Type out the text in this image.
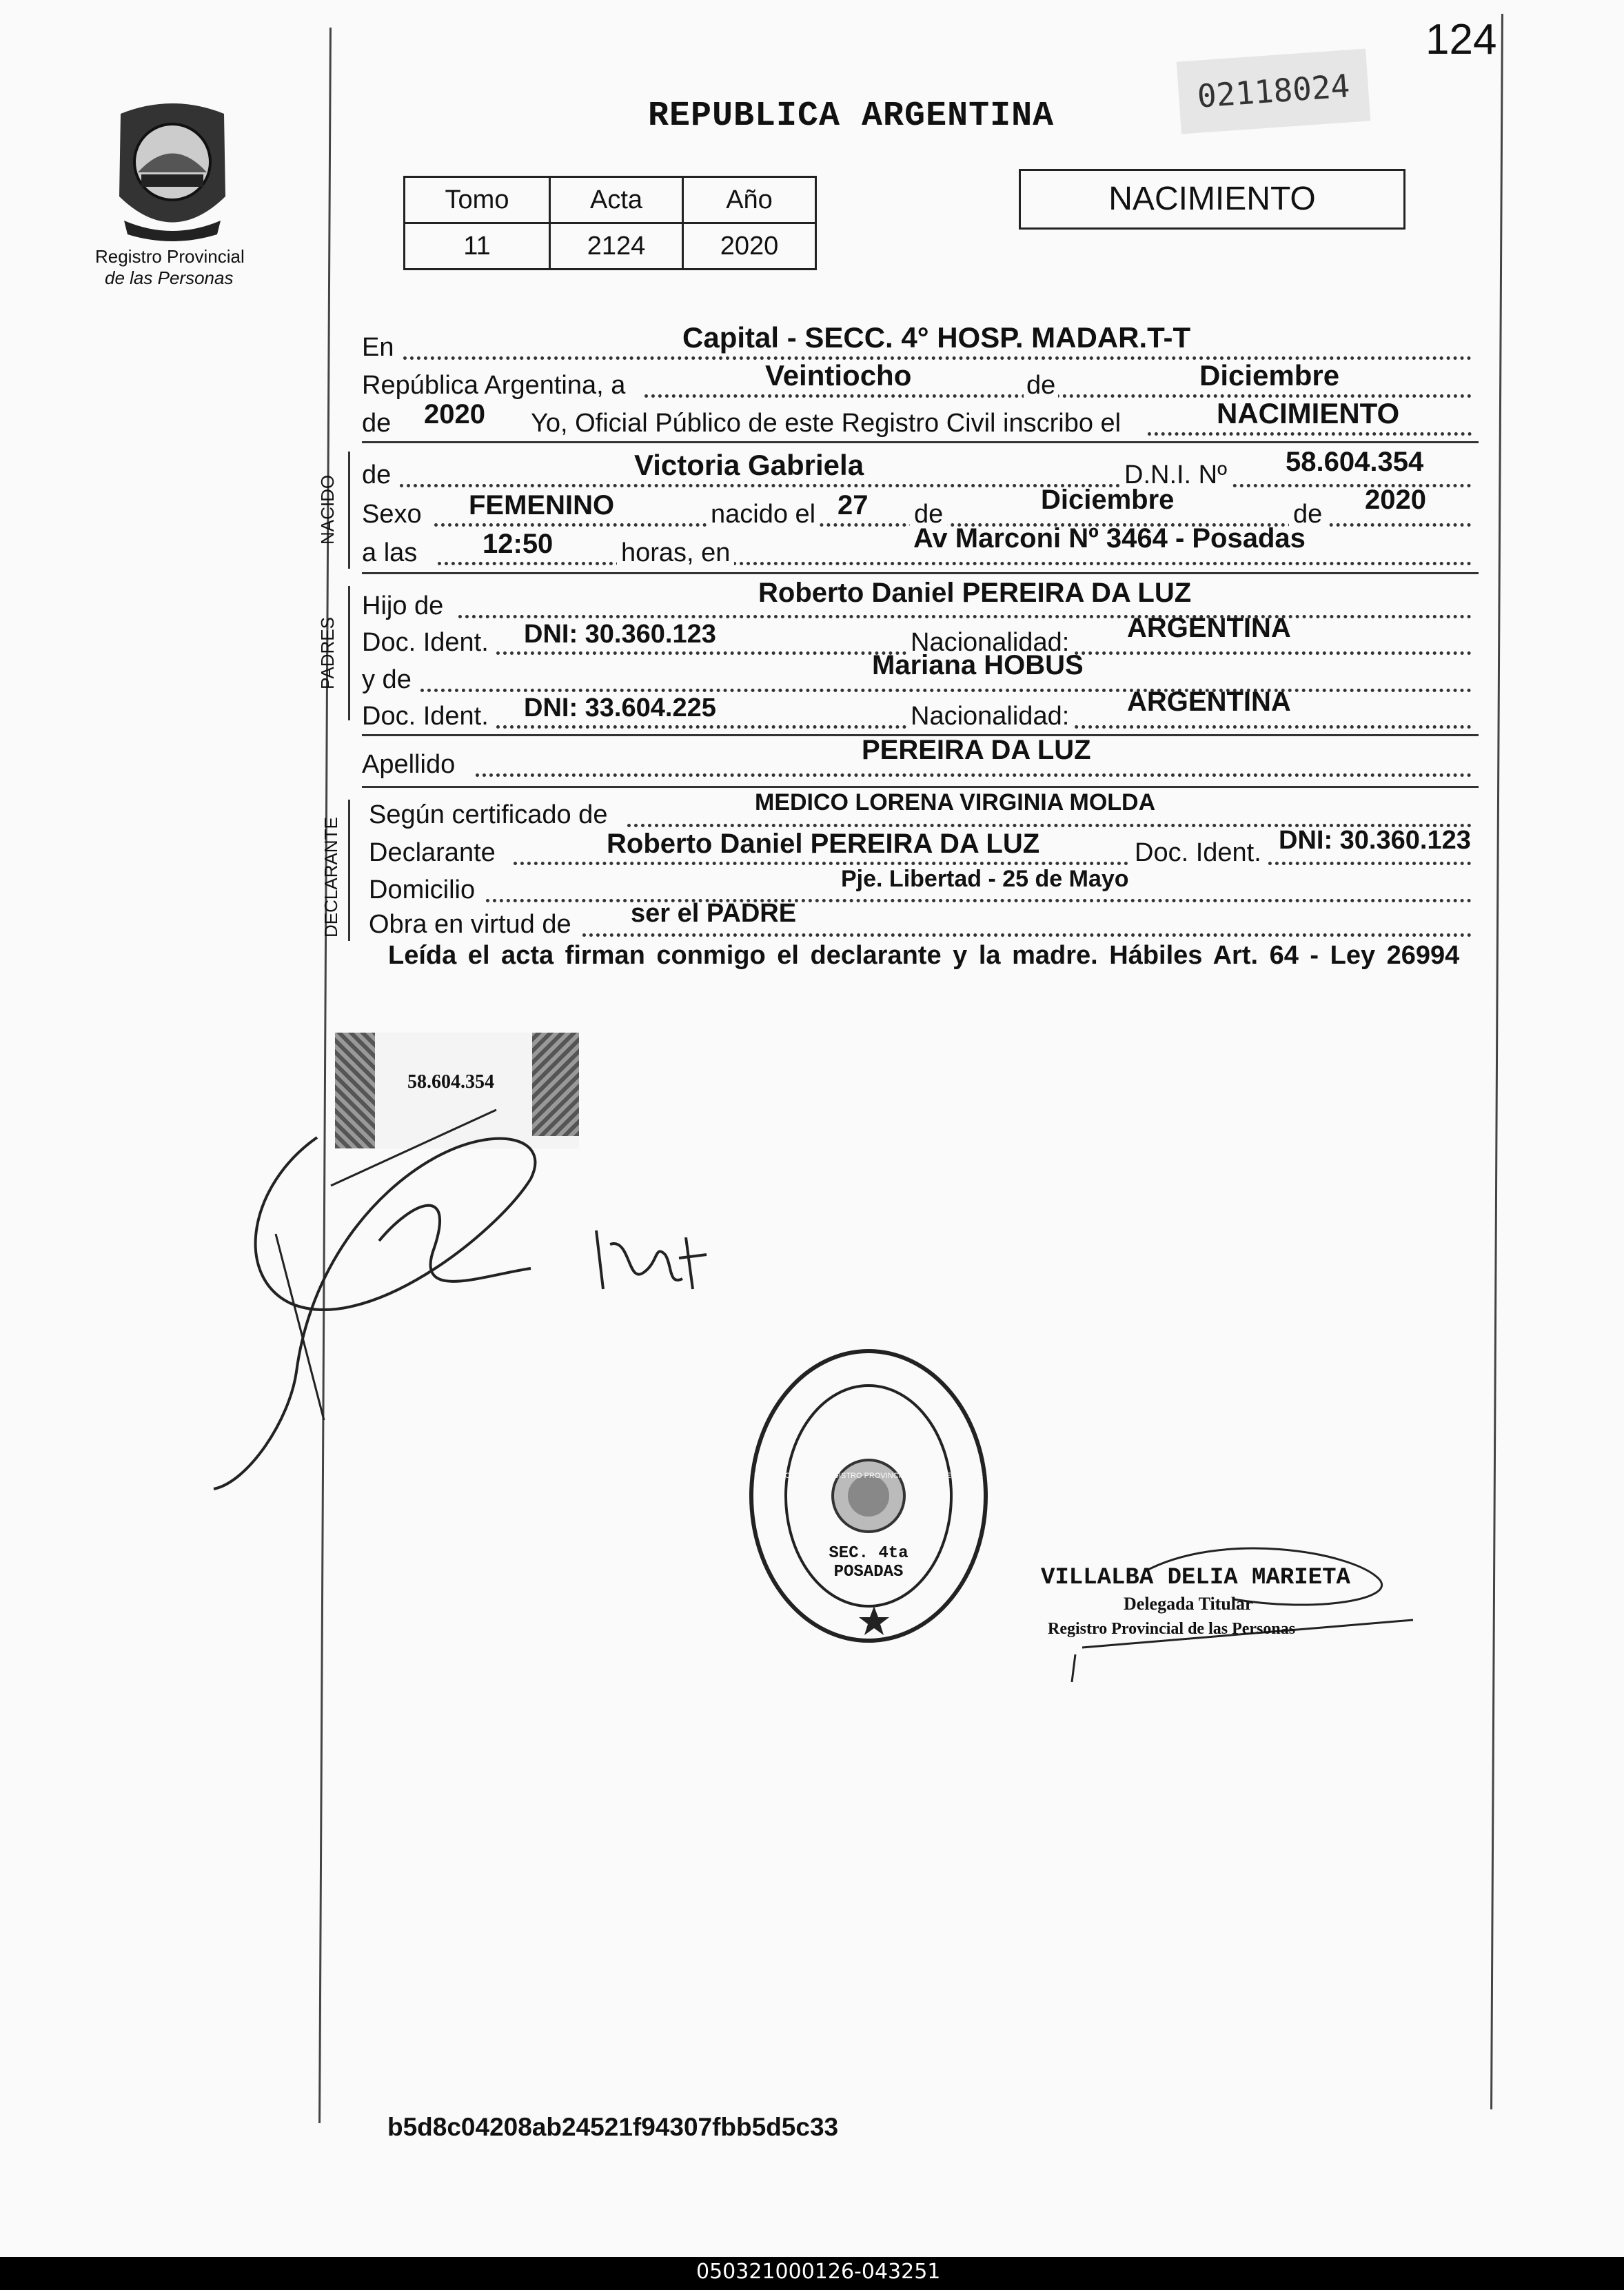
124
02118024
REPUBLICA ARGENTINA
Registro Provincial
de las Personas
Tomo	Acta	Año
11	2124	2020
NACIMIENTO
En	Capital - SECC. 4° HOSP. MADAR.T-T
República Argentina, a	Veintiocho	de	Diciembre
de 2020 Yo, Oficial Público de este Registro Civil inscribo el	NACIMIENTO
NACIDO de	Victoria Gabriela	D.N.I. Nº 58.604.354
Sexo FEMENINO	nacido el 27 de	Diciembre	de 2020
a las 12:50	horas, en	Av Marconi Nº 3464 - Posadas
PADRES
Hijo de	Roberto Daniel PEREIRA DA LUZ
Doc. Ident. DNI: 30.360.123	Nacionalidad: ARGENTINA
y de	Mariana HOBUS
Doc. Ident. DNI: 33.604.225	Nacionalidad: ARGENTINA
Apellido	PEREIRA DA LUZ
DECLARANTE
Según certificado de	MEDICO LORENA VIRGINIA MOLDA
Declarante	Roberto Daniel PEREIRA DA LUZ	Doc. Ident. DNI: 30.360.123
Domicilio	Pje. Libertad - 25 de Mayo
Obra en virtud de ser el PADRE
Leída el acta firman conmigo el declarante y la madre. Hábiles Art. 64 - Ley 26994
58.604.354
DELEGACION DEL REGISTRO PROVINCIAL DE LAS PERSONAS
SEC. 4ta POSADAS	VILLALBA DELIA MARIETA
Delegada Titular
Registro Provincial de las Personas
b5d8c04208ab24521f94307fbb5d5c33
050321000126-043251
